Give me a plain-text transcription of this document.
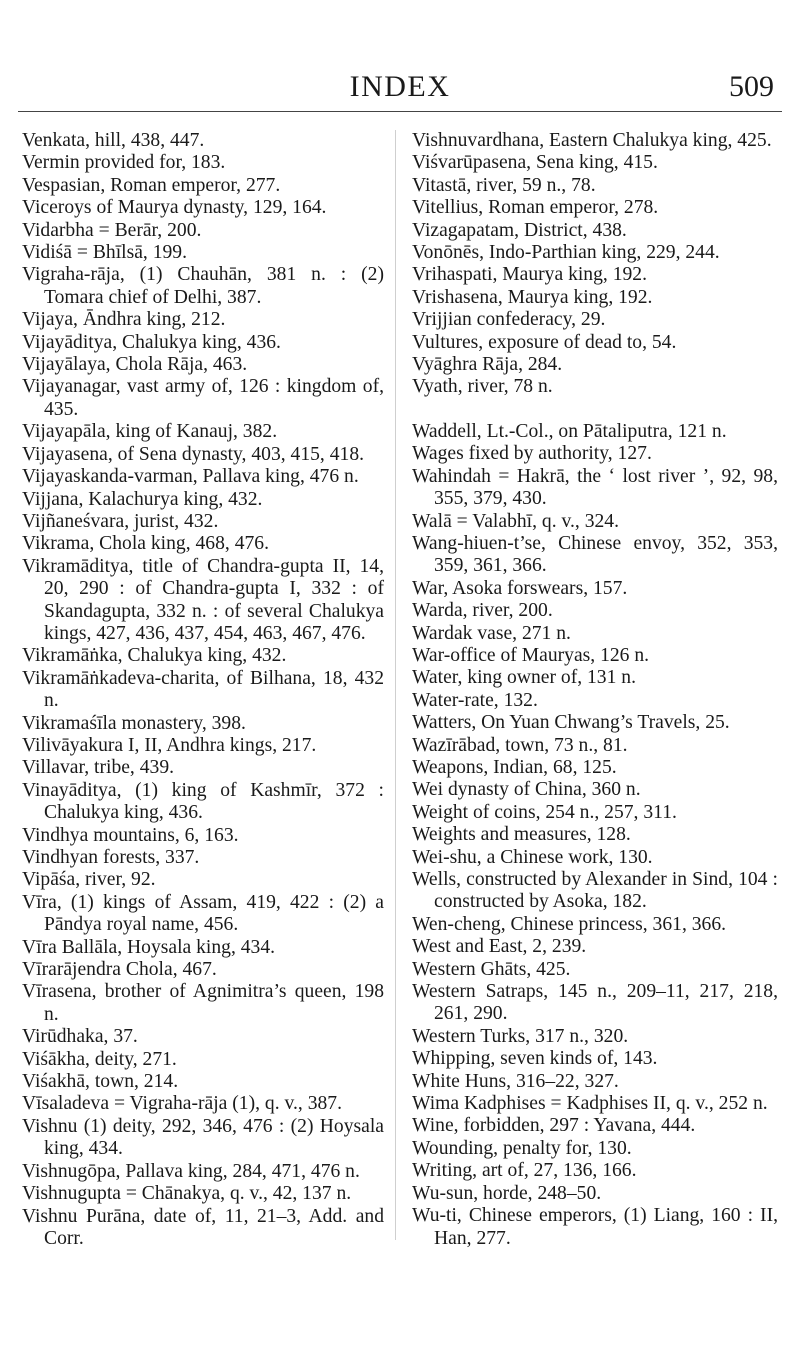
INDEX	509

Venkata, hill, 438, 447.

Vermin provided for, 183.

Vespasian, Roman emperor, 277.

Viceroys of Maurya dynasty, 129, 164.

Vidarbha = Berār, 200.

Vidiśā = Bhīlsā, 199.

Vigraha-rāja, (1) Chauhān, 381 n. : (2) Tomara chief of Delhi, 387.

Vijaya, Āndhra king, 212.

Vijayāditya, Chalukya king, 436.

Vijayālaya, Chola Rāja, 463.

Vijayanagar, vast army of, 126 : kingdom of, 435.

Vijayapāla, king of Kanauj, 382.

Vijayasena, of Sena dynasty, 403, 415, 418.

Vijayaskanda-varman, Pallava king, 476 n.

Vijjana, Kalachurya king, 432.

Vijñaneśvara, jurist, 432.

Vikrama, Chola king, 468, 476.

Vikramāditya, title of Chandra-gupta II, 14, 20, 290 : of Chandra-gupta I, 332 : of Skandagupta, 332 n. : of several Chalukya kings, 427, 436, 437, 454, 463, 467, 476.

Vikramāṅka, Chalukya king, 432.

Vikramāṅkadeva-charita, of Bilhana, 18, 432 n.

Vikramaśīla monastery, 398.

Vilivāyakura I, II, Andhra kings, 217.

Villavar, tribe, 439.

Vinayāditya, (1) king of Kashmīr, 372 : Chalukya king, 436.

Vindhya mountains, 6, 163.

Vindhyan forests, 337.

Vipāśa, river, 92.

Vīra, (1) kings of Assam, 419, 422 : (2) a Pāndya royal name, 456.

Vīra Ballāla, Hoysala king, 434.

Vīrarājendra Chola, 467.

Vīrasena, brother of Agnimitra’s queen, 198 n.

Virūdhaka, 37.

Viśākha, deity, 271.

Viśakhā, town, 214.

Vīsaladeva = Vigraha-rāja (1), q. v., 387.

Vishnu (1) deity, 292, 346, 476 : (2) Hoysala king, 434.

Vishnugōpa, Pallava king, 284, 471, 476 n.

Vishnugupta = Chānakya, q. v., 42, 137 n.

Vishnu Purāna, date of, 11, 21–3, Add. and Corr.

Vishnuvardhana, Eastern Chalukya king, 425.

Viśvarūpasena, Sena king, 415.

Vitastā, river, 59 n., 78.

Vitellius, Roman emperor, 278.

Vizagapatam, District, 438.

Vonōnēs, Indo-Parthian king, 229, 244.

Vrihaspati, Maurya king, 192.

Vrishasena, Maurya king, 192.

Vrijjian confederacy, 29.

Vultures, exposure of dead to, 54.

Vyāghra Rāja, 284.

Vyath, river, 78 n.

Waddell, Lt.-Col., on Pātaliputra, 121 n.

Wages fixed by authority, 127.

Wahindah = Hakrā, the ‘ lost river ’, 92, 98, 355, 379, 430.

Walā = Valabhī, q. v., 324.

Wang-hiuen-t’se, Chinese envoy, 352, 353, 359, 361, 366.

War, Asoka forswears, 157.

Warda, river, 200.

Wardak vase, 271 n.

War-office of Mauryas, 126 n.

Water, king owner of, 131 n.

Water-rate, 132.

Watters, On Yuan Chwang’s Travels, 25.

Wazīrābad, town, 73 n., 81.

Weapons, Indian, 68, 125.

Wei dynasty of China, 360 n.

Weight of coins, 254 n., 257, 311.

Weights and measures, 128.

Wei-shu, a Chinese work, 130.

Wells, constructed by Alexander in Sind, 104 : constructed by Asoka, 182.

Wen-cheng, Chinese princess, 361, 366.

West and East, 2, 239.

Western Ghāts, 425.

Western Satraps, 145 n., 209–11, 217, 218, 261, 290.

Western Turks, 317 n., 320.

Whipping, seven kinds of, 143.

White Huns, 316–22, 327.

Wima Kadphises = Kadphises II, q. v., 252 n.

Wine, forbidden, 297 : Yavana, 444.

Wounding, penalty for, 130.

Writing, art of, 27, 136, 166.

Wu-sun, horde, 248–50.

Wu-ti, Chinese emperors, (1) Liang, 160 : II, Han, 277.
